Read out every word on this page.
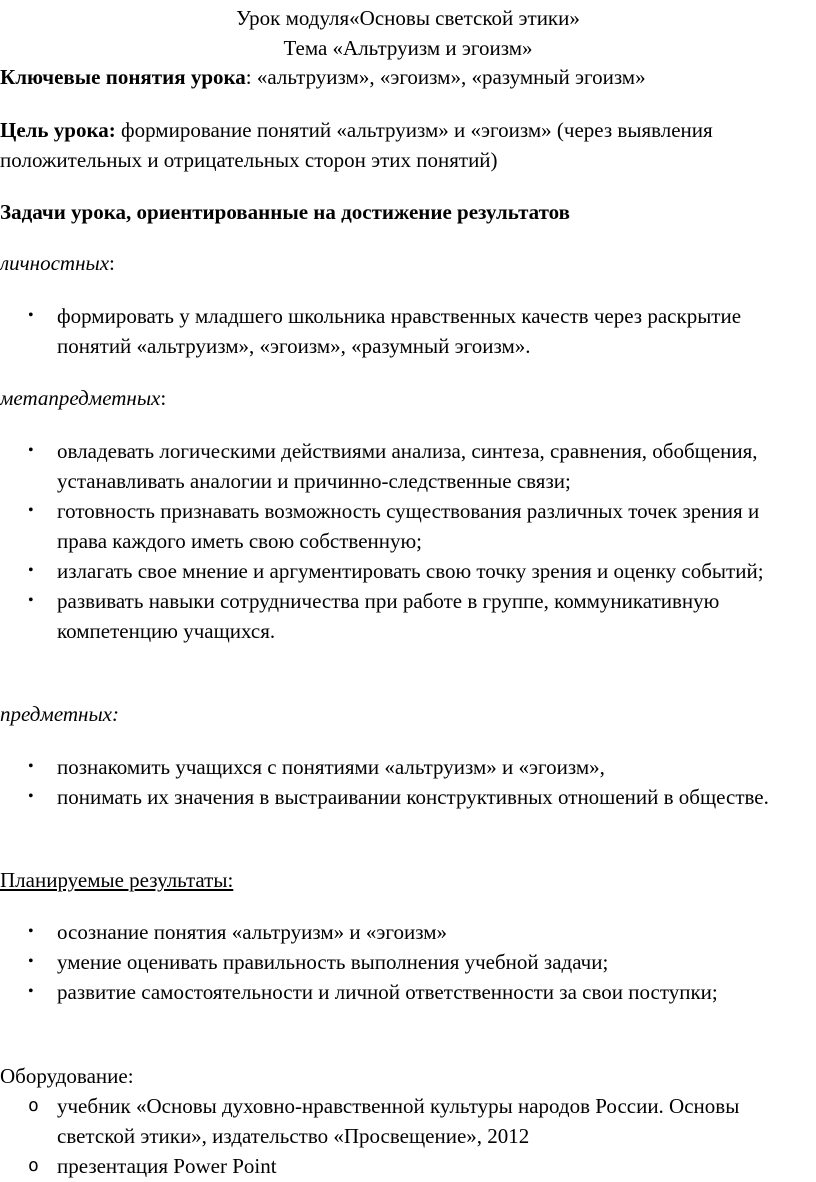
Урок модуля«Основы светской этики»
Тема «Альтруизм и эгоизм»
Ключевые понятия урока: «альтруизм», «эгоизм», «разумный эгоизм»
Цель урока: формирование понятий «альтруизм» и «эгоизм» (через выявления положительных и отрицательных сторон этих понятий)
Задачи урока, ориентированные на достижение результатов
личностных:
• формировать у младшего школьника нравственных качеств через раскрытие понятий «альтруизм», «эгоизм», «разумный эгоизм».
метапредметных:
• овладевать логическими действиями анализа, синтеза, сравнения, обобщения, устанавливать аналогии и причинно-следственные связи;
• готовность признавать возможность существования различных точек зрения и права каждого иметь свою собственную;
• излагать свое мнение и аргументировать свою точку зрения и оценку событий;
• развивать навыки сотрудничества при работе в группе, коммуникативную компетенцию учащихся.
предметных:
• познакомить учащихся с понятиями «альтруизм» и «эгоизм»,
• понимать их значения в выстраивании конструктивных отношений в обществе.
Планируемые результаты:
• осознание понятия «альтруизм» и «эгоизм»
• умение оценивать правильность выполнения учебной задачи;
• развитие самостоятельности и личной ответственности за свои поступки;
Оборудование:
o учебник «Основы духовно-нравственной культуры народов России. Основы светской этики», издательство «Просвещение», 2012
o презентация Power Point
